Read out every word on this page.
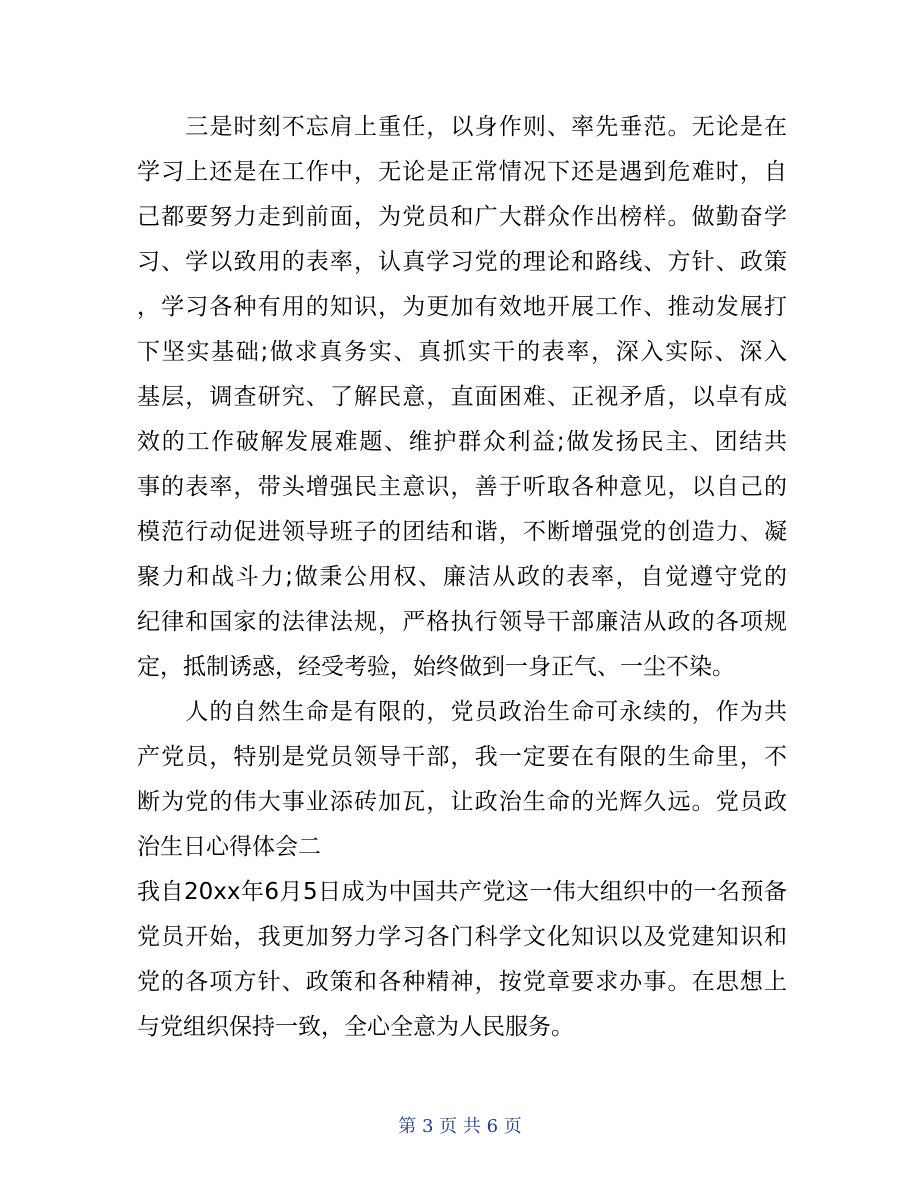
　　三是时刻不忘肩上重任，以身作则、率先垂范。无论是在
学习上还是在工作中，无论是正常情况下还是遇到危难时，自
己都要努力走到前面，为党员和广大群众作出榜样。做勤奋学
习、学以致用的表率，认真学习党的理论和路线、方针、政策
，学习各种有用的知识，为更加有效地开展工作、推动发展打
下坚实基础;做求真务实、真抓实干的表率，深入实际、深入
基层，调查研究、了解民意，直面困难、正视矛盾，以卓有成
效的工作破解发展难题、维护群众利益;做发扬民主、团结共
事的表率，带头增强民主意识，善于听取各种意见，以自己的
模范行动促进领导班子的团结和谐，不断增强党的创造力、凝
聚力和战斗力;做秉公用权、廉洁从政的表率，自觉遵守党的
纪律和国家的法律法规，严格执行领导干部廉洁从政的各项规
定，抵制诱惑，经受考验，始终做到一身正气、一尘不染。
　　人的自然生命是有限的，党员政治生命可永续的，作为共
产党员，特别是党员领导干部，我一定要在有限的生命里，不
断为党的伟大事业添砖加瓦，让政治生命的光辉久远。党员政
治生日心得体会二
我自20xx年6月5日成为中国共产党这一伟大组织中的一名预备
党员开始，我更加努力学习各门科学文化知识以及党建知识和
党的各项方针、政策和各种精神，按党章要求办事。在思想上
与党组织保持一致，全心全意为人民服务。
第 3 页 共 6 页
